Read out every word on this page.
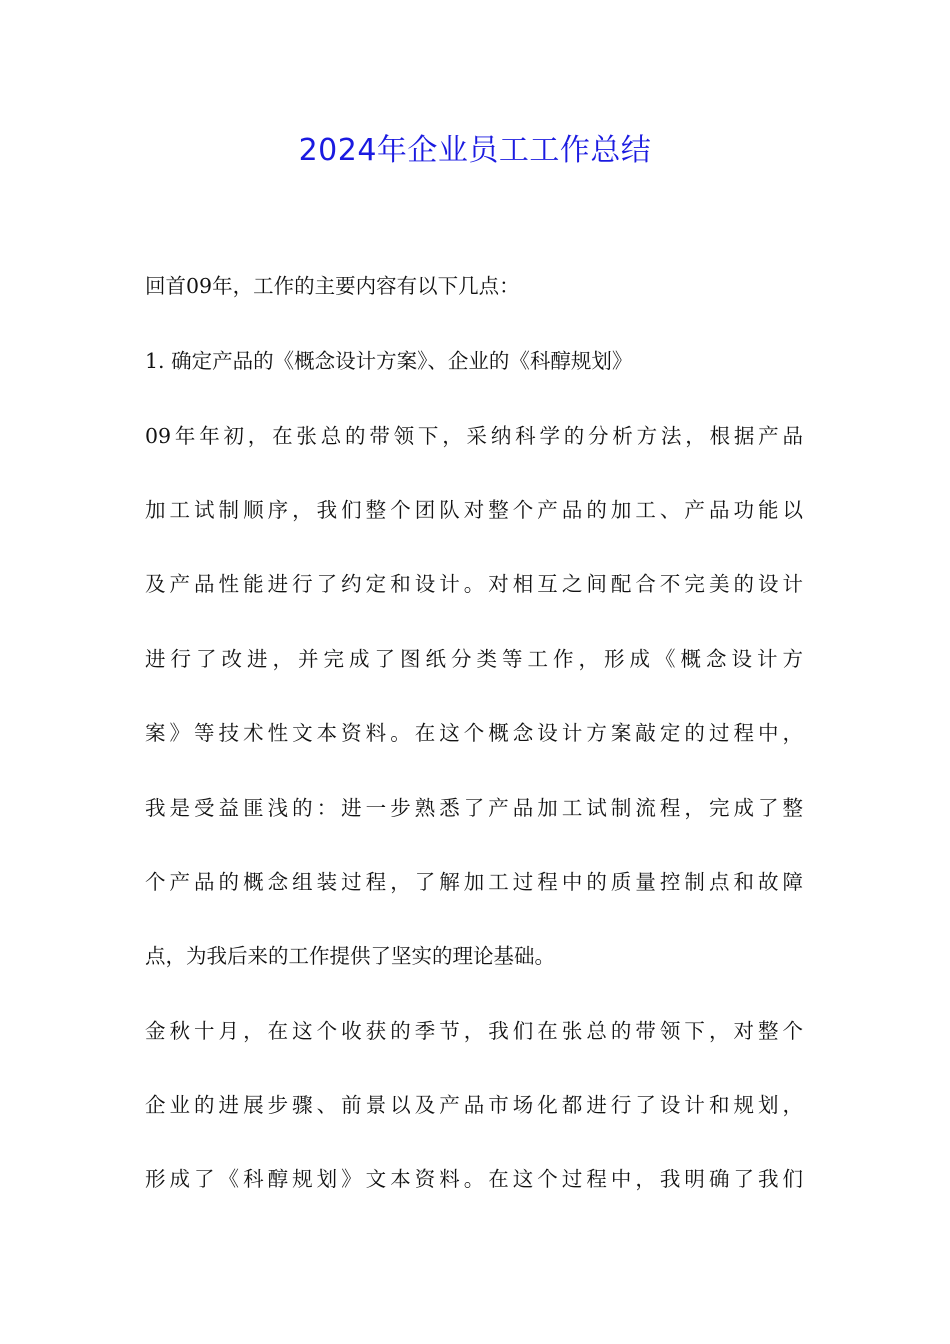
2024年企业员工工作总结
回首09年，工作的主要内容有以下几点：
1. 确定产品的《概念设计方案》、企业的《科醇规划》
09年年初，在张总的带领下，采纳科学的分析方法，根据产品
加工试制顺序，我们整个团队对整个产品的加工、产品功能以
及产品性能进行了约定和设计。对相互之间配合不完美的设计
进行了改进，并完成了图纸分类等工作，形成《概念设计方
案》等技术性文本资料。在这个概念设计方案敲定的过程中，
我是受益匪浅的：进一步熟悉了产品加工试制流程，完成了整
个产品的概念组装过程，了解加工过程中的质量控制点和故障
点，为我后来的工作提供了坚实的理论基础。
金秋十月，在这个收获的季节，我们在张总的带领下，对整个
企业的进展步骤、前景以及产品市场化都进行了设计和规划，
形成了《科醇规划》文本资料。在这个过程中，我明确了我们
